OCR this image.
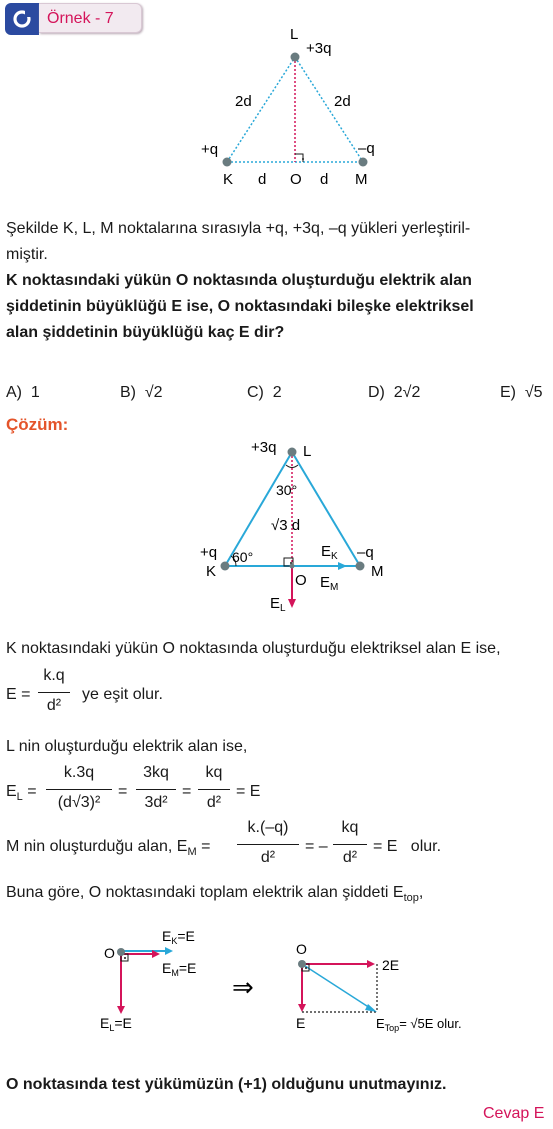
Örnek - 7
L
+3q
2d	2d
+q	–q
K d O d M
Şekilde K, L, M noktalarına sırasıyla +q, +3q, –q yükleri yerleştiril-
miştir.
K noktasındaki yükün O noktasında oluşturduğu elektrik alan
şiddetinin büyüklüğü E ise, O noktasındaki bileşke elektriksel
alan şiddetinin büyüklüğü kaç E dir?
A) 1	B) √2	C) 2	D) 2√2	E) √5
Çözüm:
+3q L
30°
√3 d
+q 60°
K
$E_K$ –q
M
O $E_M$
$E_L$
K noktasındaki yükün O noktasında oluşturduğu elektriksel alan E ise,
E =
k.q
d²
ye eşit olur.
L nin oluşturduğu elektrik alan ise,
$E_L$ =
k.3q
(d√3)²
=
3kq
3d²
=
kq
d²
= E
M nin oluşturduğu alan, $E_M$ =
k.(–q)
d²
= –
kq
d²
= E   olur.
Buna göre, O noktasındaki toplam elektrik alan şiddeti $E_{top}$,
O
$E_K=E$
$E_M=E$
$E_L=E$
⇒
O
2E
E	$E_{Top}= √5E$ olur.
O noktasında test yükümüzün (+1) olduğunu unutmayınız.
Cevap E
